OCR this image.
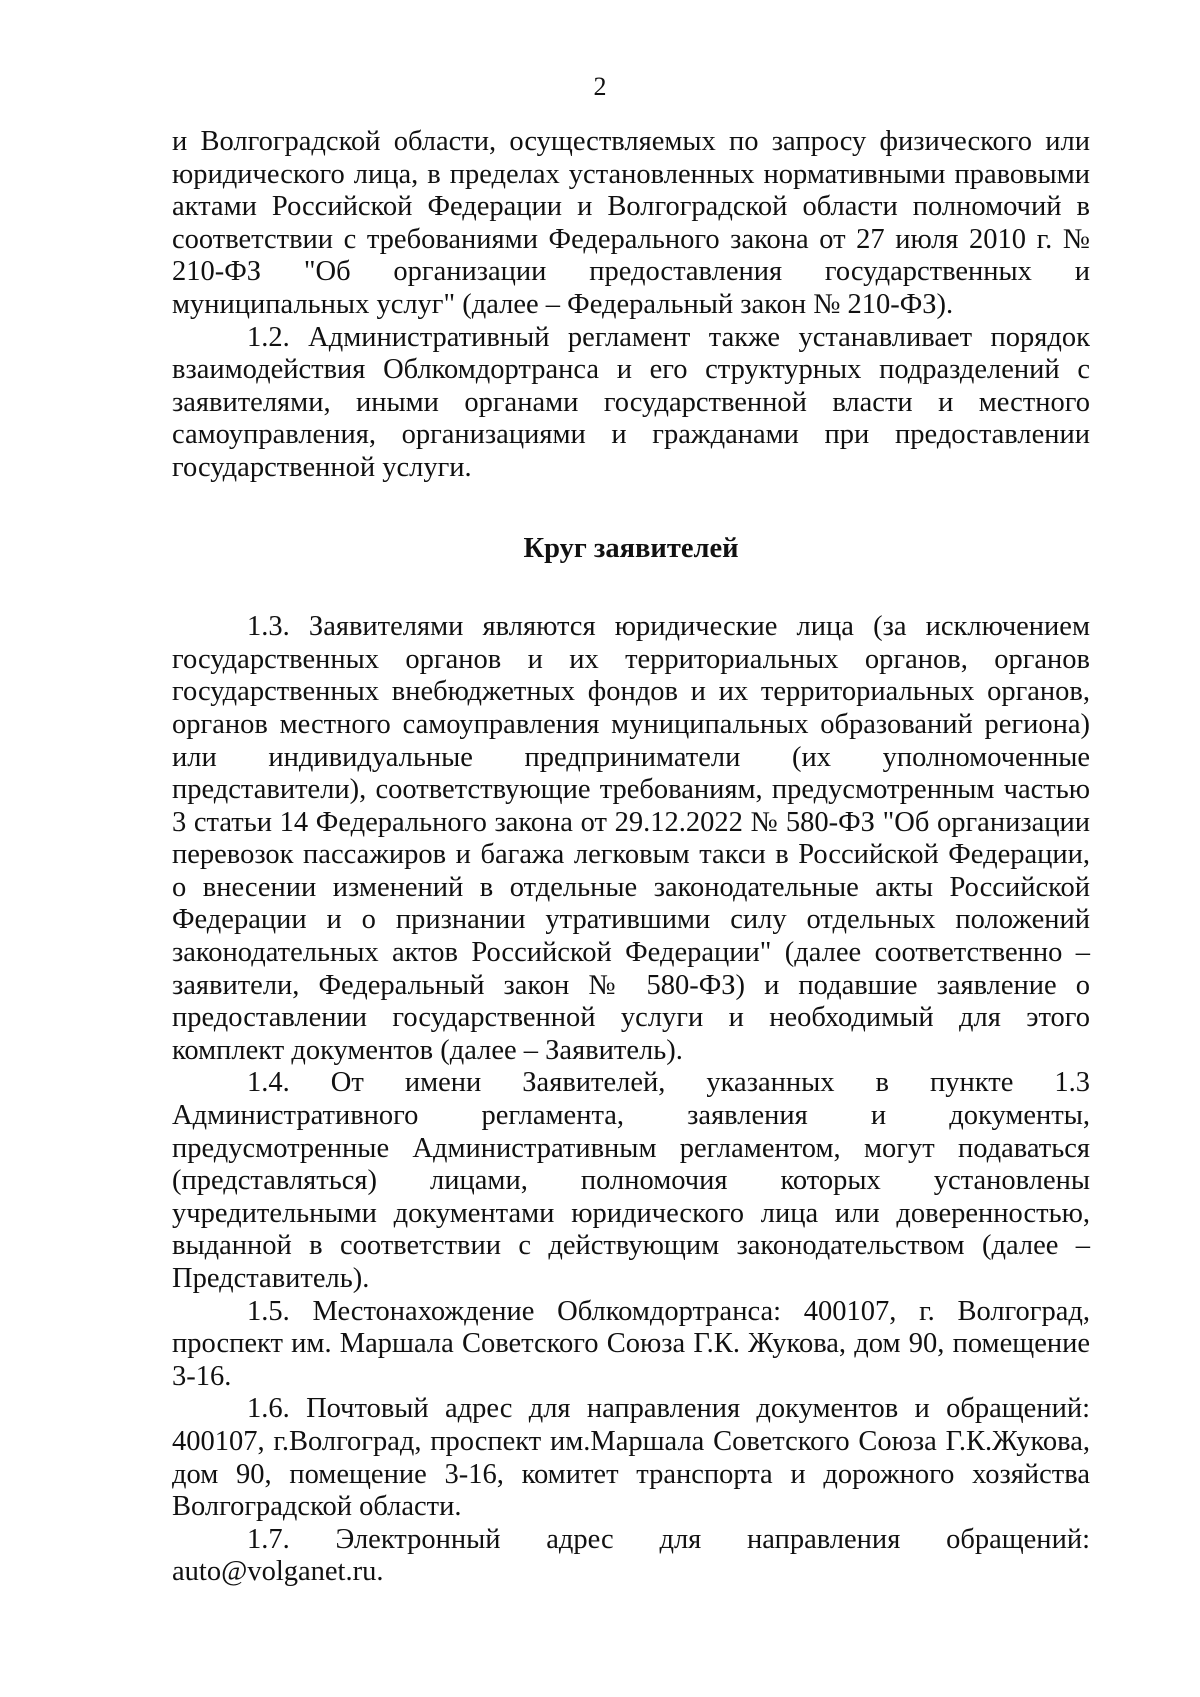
2

и Волгоградской области, осуществляемых по запросу физического или юридического лица, в пределах установленных нормативными правовыми актами Российской Федерации и Волгоградской области полномочий в соответствии с требованиями Федерального закона от 27 июля 2010 г. № 210-ФЗ "Об организации предоставления государственных и муниципальных услуг" (далее – Федеральный закон № 210-ФЗ).

1.2. Административный регламент также устанавливает порядок взаимодействия Облкомдортранса и его структурных подразделений с заявителями, иными органами государственной власти и местного самоуправления, организациями и гражданами при предоставлении государственной услуги.

Круг заявителей

1.3. Заявителями являются юридические лица (за исключением государственных органов и их территориальных органов, органов государственных внебюджетных фондов и их территориальных органов, органов местного самоуправления муниципальных образований региона) или индивидуальные предприниматели (их уполномоченные представители), соответствующие требованиям, предусмотренным частью 3 статьи 14 Федерального закона от 29.12.2022 № 580-ФЗ "Об организации перевозок пассажиров и багажа легковым такси в Российской Федерации, о внесении изменений в отдельные законодательные акты Российской Федерации и о признании утратившими силу отдельных положений законодательных актов Российской Федерации" (далее соответственно – заявители, Федеральный закон № 580-ФЗ) и подавшие заявление о предоставлении государственной услуги и необходимый для этого комплект документов (далее – Заявитель).

1.4. От имени Заявителей, указанных в пункте 1.3 Административного регламента, заявления и документы, предусмотренные Административным регламентом, могут подаваться (представляться) лицами, полномочия которых установлены учредительными документами юридического лица или доверенностью, выданной в соответствии с действующим законодательством (далее – Представитель).

1.5. Местонахождение Облкомдортранса: 400107, г. Волгоград, проспект им. Маршала Советского Союза Г.К. Жукова, дом 90, помещение 3-16.

1.6. Почтовый адрес для направления документов и обращений: 400107, г.Волгоград, проспект им.Маршала Советского Союза Г.К.Жукова, дом 90, помещение 3-16, комитет транспорта и дорожного хозяйства Волгоградской области.

1.7. Электронный адрес для направления обращений: auto@volganet.ru.
